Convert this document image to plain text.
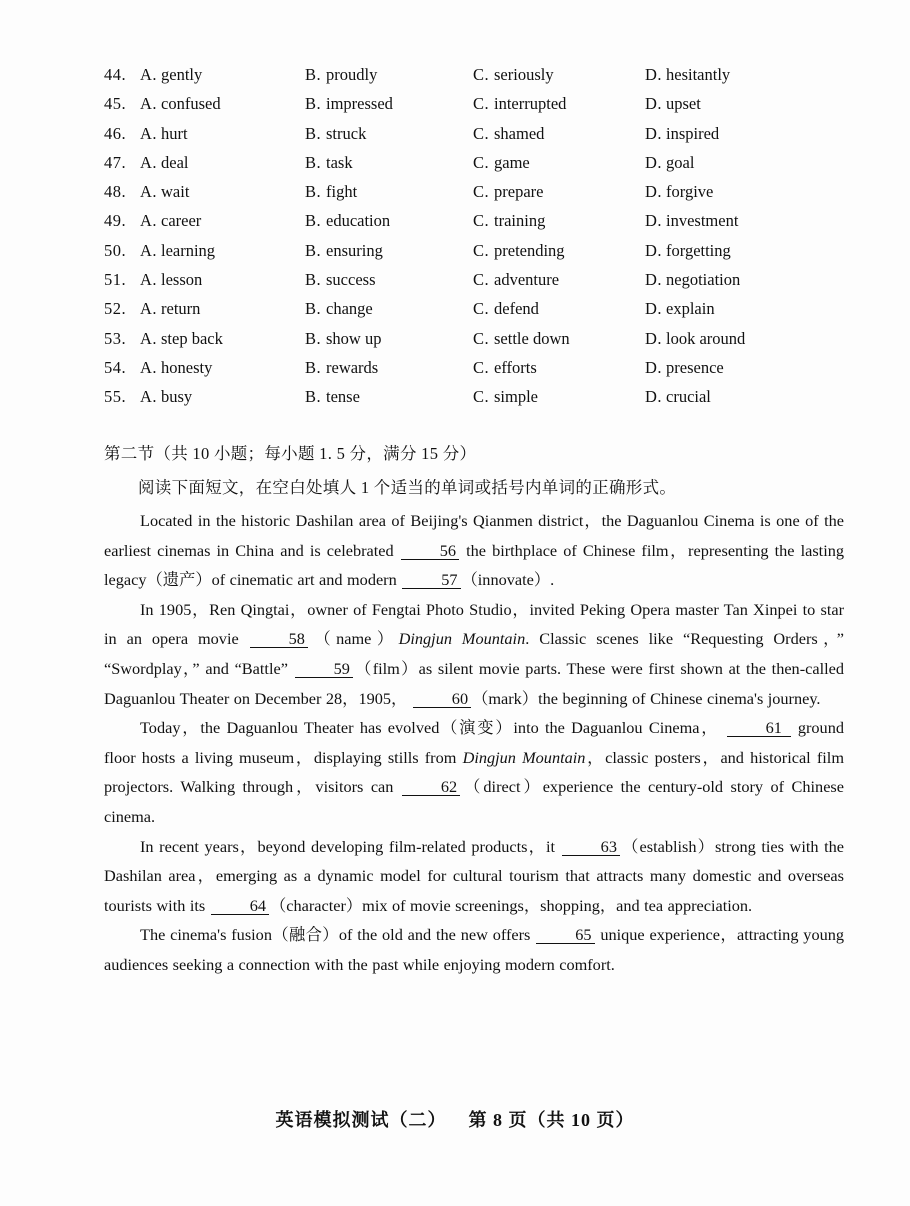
44. A. gently	B. proudly	C. seriously	D. hesitantly
45. A. confused	B. impressed	C. interrupted	D. upset
46. A. hurt	B. struck	C. shamed	D. inspired
47. A. deal	B. task	C. game	D. goal
48. A. wait	B. fight	C. prepare	D. forgive
49. A. career	B. education	C. training	D. investment
50. A. learning	B. ensuring	C. pretending	D. forgetting
51. A. lesson	B. success	C. adventure	D. negotiation
52. A. return	B. change	C. defend	D. explain
53. A. step back	B. show up	C. settle down	D. look around
54. A. honesty	B. rewards	C. efforts	D. presence
55. A. busy	B. tense	C. simple	D. crucial
第二节（共 10 小题；每小题 1. 5 分，满分 15 分）
阅读下面短文，在空白处填人 1 个适当的单词或括号内单词的正确形式。

Located in the historic Dashilan area of Beijing's Qianmen district，the Daguanlou Cinema is one of the earliest cinemas in China and is celebrated 56 the birthplace of Chinese film，representing the lasting legacy（遗产）of cinematic art and modern 57 （innovate）.

In 1905，Ren Qingtai，owner of Fengtai Photo Studio，invited Peking Opera master Tan Xinpei to star in an opera movie 58 （name）Dingjun Mountain. Classic scenes like “Requesting Orders，” “Swordplay，” and “Battle” 59 （film）as silent movie parts. These were first shown at the then-called Daguanlou Theater on December 28，1905， 60 （mark）the beginning of Chinese cinema's journey.

Today，the Daguanlou Theater has evolved（演变）into the Daguanlou Cinema， 61 ground floor hosts a living museum，displaying stills from Dingjun Mountain，classic posters，and historical film projectors. Walking through，visitors can 62 （direct）experience the century-old story of Chinese cinema.

In recent years，beyond developing film-related products，it 63 （establish）strong ties with the Dashilan area，emerging as a dynamic model for cultural tourism that attracts many domestic and overseas tourists with its 64 （character）mix of movie screenings，shopping，and tea appreciation.

The cinema's fusion（融合）of the old and the new offers 65 unique experience，attracting young audiences seeking a connection with the past while enjoying modern comfort.

英语模拟测试（二） 第 8 页（共 10 页）
